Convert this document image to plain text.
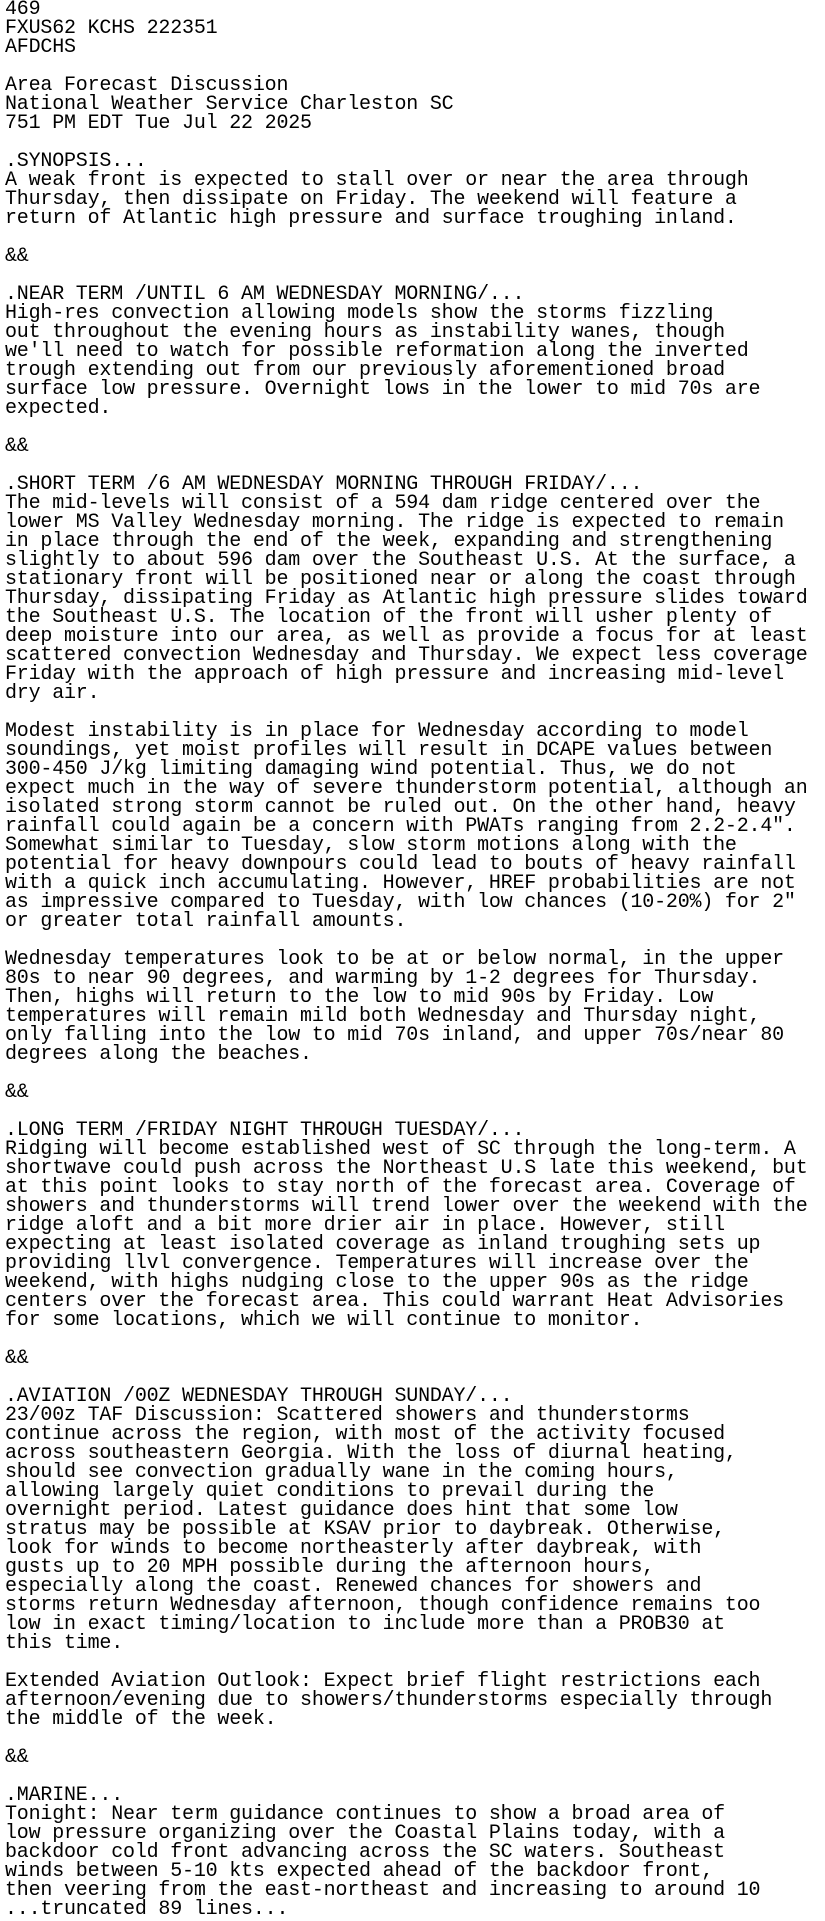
469
FXUS62 KCHS 222351
AFDCHS
Area Forecast Discussion
National Weather Service Charleston SC
751 PM EDT Tue Jul 22 2025
.SYNOPSIS...
A weak front is expected to stall over or near the area through
Thursday, then dissipate on Friday. The weekend will feature a
return of Atlantic high pressure and surface troughing inland.
&&
.NEAR TERM /UNTIL 6 AM WEDNESDAY MORNING/...
High-res convection allowing models show the storms fizzling
out throughout the evening hours as instability wanes, though
we'll need to watch for possible reformation along the inverted
trough extending out from our previously aforementioned broad
surface low pressure. Overnight lows in the lower to mid 70s are
expected.
&&
.SHORT TERM /6 AM WEDNESDAY MORNING THROUGH FRIDAY/...
The mid-levels will consist of a 594 dam ridge centered over the
lower MS Valley Wednesday morning. The ridge is expected to remain
in place through the end of the week, expanding and strengthening
slightly to about 596 dam over the Southeast U.S. At the surface, a
stationary front will be positioned near or along the coast through
Thursday, dissipating Friday as Atlantic high pressure slides toward
the Southeast U.S. The location of the front will usher plenty of
deep moisture into our area, as well as provide a focus for at least
scattered convection Wednesday and Thursday. We expect less coverage
Friday with the approach of high pressure and increasing mid-level
dry air.
Modest instability is in place for Wednesday according to model
soundings, yet moist profiles will result in DCAPE values between
300-450 J/kg limiting damaging wind potential. Thus, we do not
expect much in the way of severe thunderstorm potential, although an
isolated strong storm cannot be ruled out. On the other hand, heavy
rainfall could again be a concern with PWATs ranging from 2.2-2.4".
Somewhat similar to Tuesday, slow storm motions along with the
potential for heavy downpours could lead to bouts of heavy rainfall
with a quick inch accumulating. However, HREF probabilities are not
as impressive compared to Tuesday, with low chances (10-20%) for 2"
or greater total rainfall amounts.
Wednesday temperatures look to be at or below normal, in the upper
80s to near 90 degrees, and warming by 1-2 degrees for Thursday.
Then, highs will return to the low to mid 90s by Friday. Low
temperatures will remain mild both Wednesday and Thursday night,
only falling into the low to mid 70s inland, and upper 70s/near 80
degrees along the beaches.
&&
.LONG TERM /FRIDAY NIGHT THROUGH TUESDAY/...
Ridging will become established west of SC through the long-term. A
shortwave could push across the Northeast U.S late this weekend, but
at this point looks to stay north of the forecast area. Coverage of
showers and thunderstorms will trend lower over the weekend with the
ridge aloft and a bit more drier air in place. However, still
expecting at least isolated coverage as inland troughing sets up
providing llvl convergence. Temperatures will increase over the
weekend, with highs nudging close to the upper 90s as the ridge
centers over the forecast area. This could warrant Heat Advisories
for some locations, which we will continue to monitor.
&&
.AVIATION /00Z WEDNESDAY THROUGH SUNDAY/...
23/00z TAF Discussion: Scattered showers and thunderstorms
continue across the region, with most of the activity focused
across southeastern Georgia. With the loss of diurnal heating,
should see convection gradually wane in the coming hours,
allowing largely quiet conditions to prevail during the
overnight period. Latest guidance does hint that some low
stratus may be possible at KSAV prior to daybreak. Otherwise,
look for winds to become northeasterly after daybreak, with
gusts up to 20 MPH possible during the afternoon hours,
especially along the coast. Renewed chances for showers and
storms return Wednesday afternoon, though confidence remains too
low in exact timing/location to include more than a PROB30 at
this time.
Extended Aviation Outlook: Expect brief flight restrictions each
afternoon/evening due to showers/thunderstorms especially through
the middle of the week.
&&
.MARINE...
Tonight: Near term guidance continues to show a broad area of
low pressure organizing over the Coastal Plains today, with a
backdoor cold front advancing across the SC waters. Southeast
winds between 5-10 kts expected ahead of the backdoor front,
then veering from the east-northeast and increasing to around 10
...truncated 89 lines...
